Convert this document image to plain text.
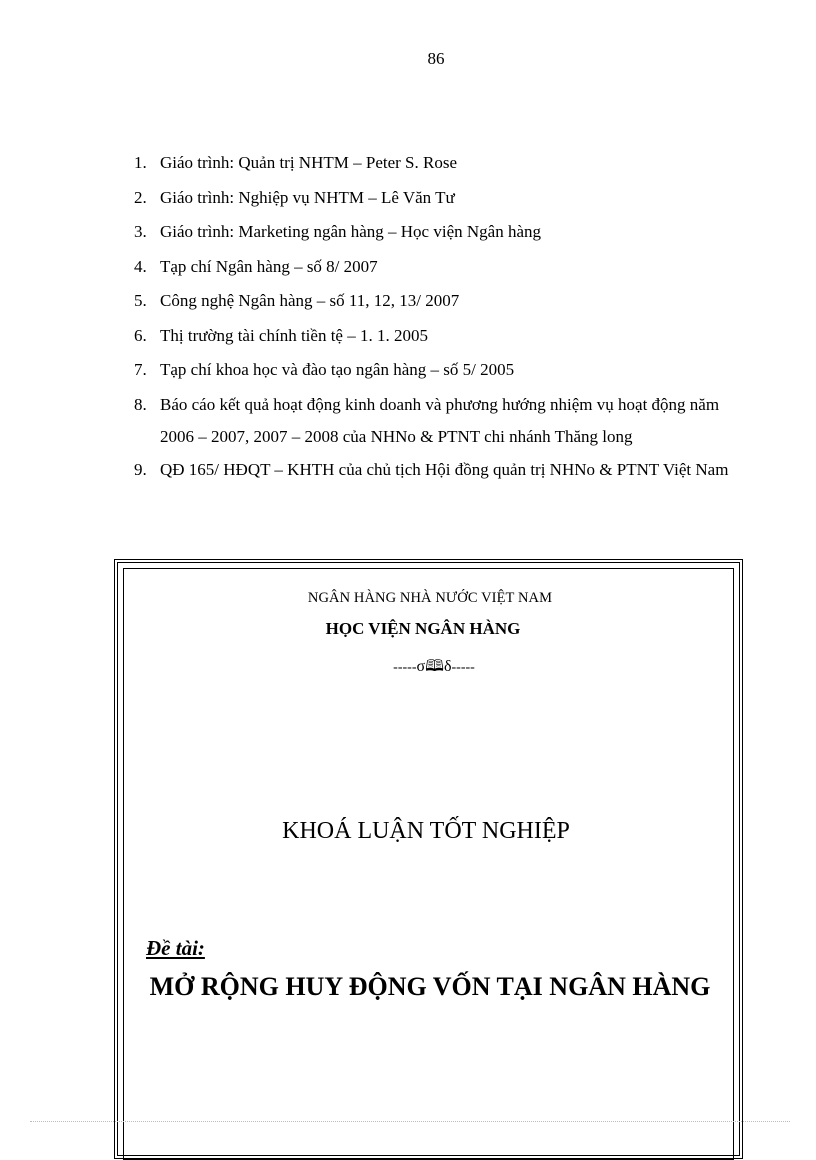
86
1. Giáo trình: Quản trị NHTM – Peter S. Rose
2. Giáo trình: Nghiệp vụ NHTM – Lê Văn Tư
3. Giáo trình: Marketing ngân hàng – Học viện Ngân hàng
4. Tạp chí Ngân hàng – số 8/ 2007
5. Công nghệ Ngân hàng – số 11, 12, 13/ 2007
6. Thị trường tài chính tiền tệ – 1. 1. 2005
7. Tạp chí khoa học và đào tạo ngân hàng – số 5/ 2005
8. Báo cáo kết quả hoạt động kinh doanh và phương hướng nhiệm vụ hoạt động năm 2006 – 2007, 2007 – 2008 của NHNo & PTNT chi nhánh Thăng long
9. QĐ 165/ HĐQT – KHTH của chủ tịch Hội đồng quản trị NHNo & PTNT Việt Nam
NGÂN HÀNG NHÀ NƯỚC VIỆT NAM
HỌC VIỆN NGÂN HÀNG
-----σ🕮δ-----
KHOÁ LUẬN TỐT NGHIỆP
Đề tài:
MỞ RỘNG HUY ĐỘNG VỐN TẠI NGÂN HÀNG
